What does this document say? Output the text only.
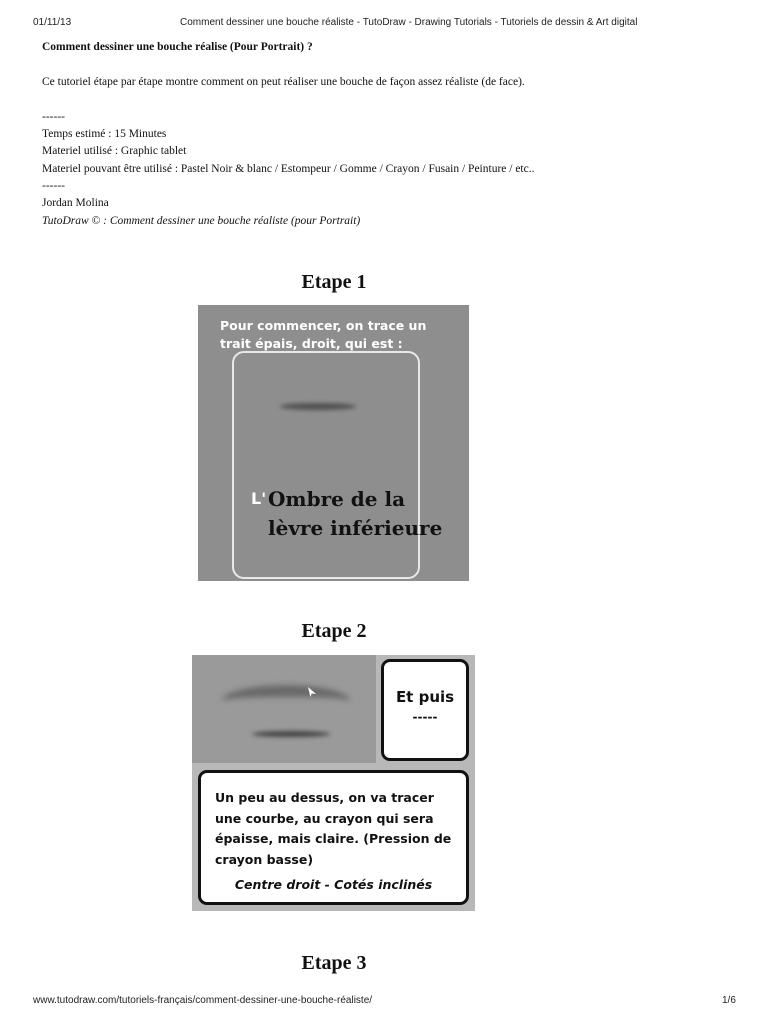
01/11/13	Comment dessiner une bouche réaliste - TutoDraw - Drawing Tutorials - Tutoriels de dessin & Art digital
Comment dessiner une bouche réalise (Pour Portrait) ?
Ce tutoriel étape par étape montre comment on peut réaliser une bouche de façon assez réaliste (de face).
------
Temps estimé : 15 Minutes
Materiel utilisé : Graphic tablet
Materiel pouvant être utilisé : Pastel Noir & blanc / Estompeur / Gomme / Crayon / Fusain / Peinture / etc..
------
Jordan Molina
TutoDraw © : Comment dessiner une bouche réaliste (pour Portrait)
Etape 1
Pour commencer, on trace un trait épais, droit, qui est :
L' Ombre de la lèvre inférieure
Etape 2
Et puis
-----
Un peu au dessus, on va tracer une courbe, au crayon qui sera épaisse, mais claire. (Pression de crayon basse)
Centre droit - Cotés inclinés
Etape 3
www.tutodraw.com/tutoriels-français/comment-dessiner-une-bouche-réaliste/	1/6
